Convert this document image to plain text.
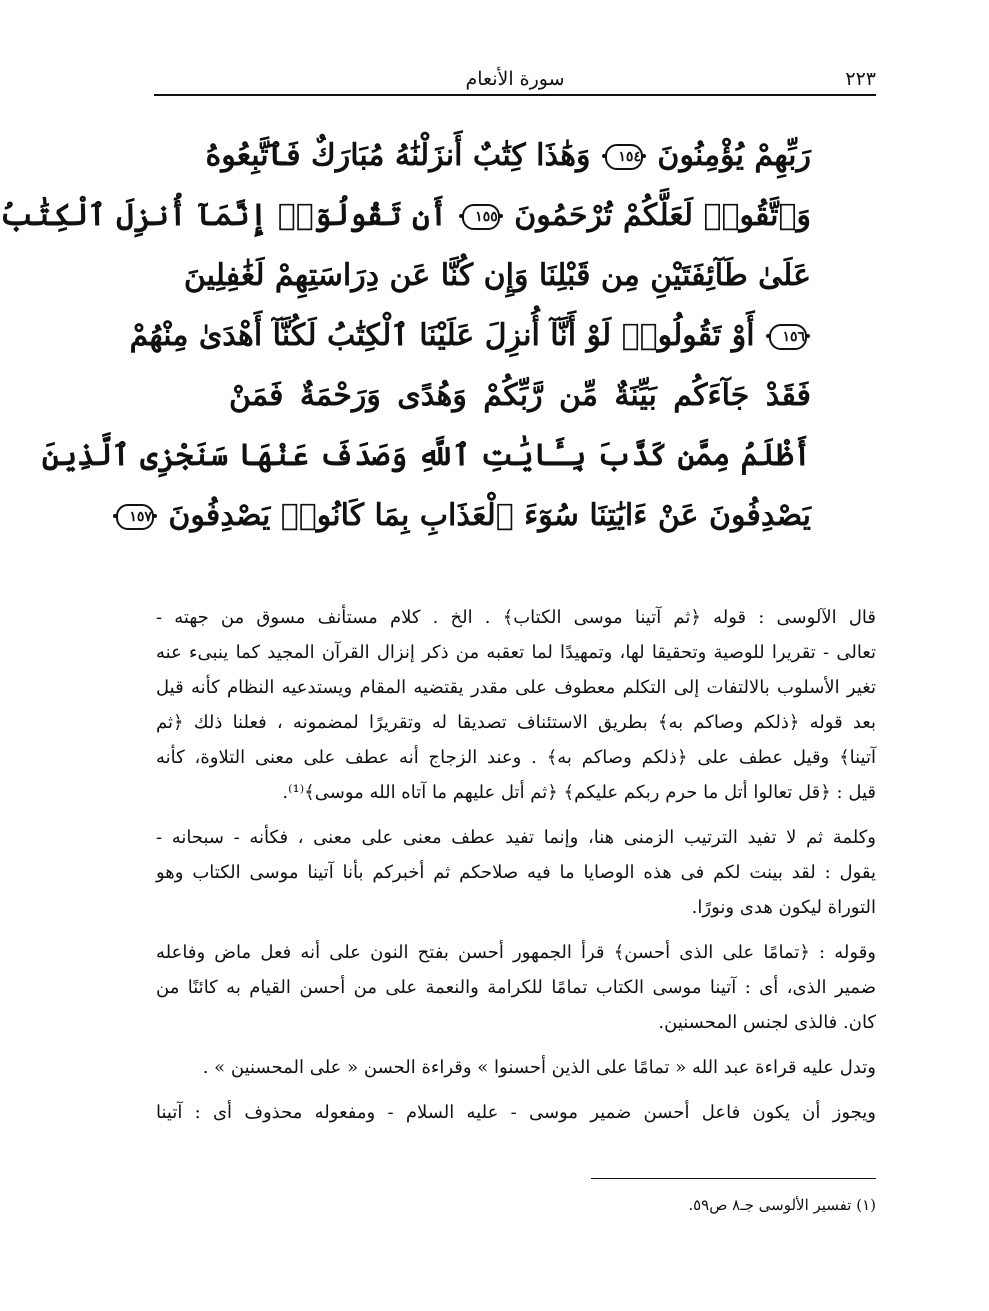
٢٢٣
سورة الأنعام
رَبِّهِمْ يُؤْمِنُونَ ١٥٤ وَهَٰذَا كِتَٰبٌ أَنزَلْنَٰهُ مُبَارَكٌ فَٱتَّبِعُوهُ
وَٱتَّقُوا۟ لَعَلَّكُمْ تُرْحَمُونَ ١٥٥ أَن تَقُولُوٓا۟ إِنَّمَآ أُنزِلَ ٱلْكِتَٰبُ
عَلَىٰ طَآئِفَتَيْنِ مِن قَبْلِنَا وَإِن كُنَّا عَن دِرَاسَتِهِمْ لَغَٰفِلِينَ
١٥٦ أَوْ تَقُولُوا۟ لَوْ أَنَّآ أُنزِلَ عَلَيْنَا ٱلْكِتَٰبُ لَكُنَّآ أَهْدَىٰ مِنْهُمْ
فَقَدْ جَآءَكُم بَيِّنَةٌ مِّن رَّبِّكُمْ وَهُدًى وَرَحْمَةٌ فَمَنْ
أَظْلَمُ مِمَّن كَذَّبَ بِـَٔايَٰتِ ٱللَّهِ وَصَدَفَ عَنْهَا سَنَجْزِى ٱلَّذِينَ
يَصْدِفُونَ عَنْ ءَايَٰتِنَا سُوٓءَ ٱلْعَذَابِ بِمَا كَانُوا۟ يَصْدِفُونَ ١٥٧
قال الآلوسى : قوله ﴿ثم آتينا موسى الكتاب﴾ . الخ . كلام مستأنف مسوق من جهته -
تعالى - تقريرا للوصية وتحقيقا لها، وتمهيدًا لما تعقبه من ذكر إنزال القرآن المجيد كما ينبىء عنه
تغير الأسلوب بالالتفات إلى التكلم معطوف على مقدر يقتضيه المقام ويستدعيه النظام كأنه قيل
بعد قوله ﴿ذلكم وصاكم به﴾ بطريق الاستئناف تصديقا له وتقريرًا لمضمونه ، فعلنا ذلك ﴿ثم
آتينا﴾ وقيل عطف على ﴿ذلكم وصاكم به﴾ . وعند الزجاج أنه عطف على معنى التلاوة، كأنه
قيل : ﴿قل تعالوا أتل ما حرم ربكم عليكم﴾ ﴿ثم أتل عليهم ما آتاه الله موسى﴾⁽¹⁾.
وكلمة ثم لا تفيد الترتيب الزمنى هنا، وإنما تفيد عطف معنى على معنى ، فكأنه - سبحانه -
يقول : لقد بينت لكم فى هذه الوصايا ما فيه صلاحكم ثم أخبركم بأنا آتينا موسى الكتاب وهو
التوراة ليكون هدى ونورًا.
وقوله : ﴿تمامًا على الذى أحسن﴾ قرأ الجمهور أحسن بفتح النون على أنه فعل ماض وفاعله
ضمير الذى، أى : آتينا موسى الكتاب تمامًا للكرامة والنعمة على من أحسن القيام به كائنًا من
كان. فالذى لجنس المحسنين.
وتدل عليه قراءة عبد الله « تمامًا على الذين أحسنوا » وقراءة الحسن « على المحسنين » .
ويجوز أن يكون فاعل أحسن ضمير موسى - عليه السلام - ومفعوله محذوف أى : آتينا
(١) تفسير الألوسى جـ٨ ص٥٩.
